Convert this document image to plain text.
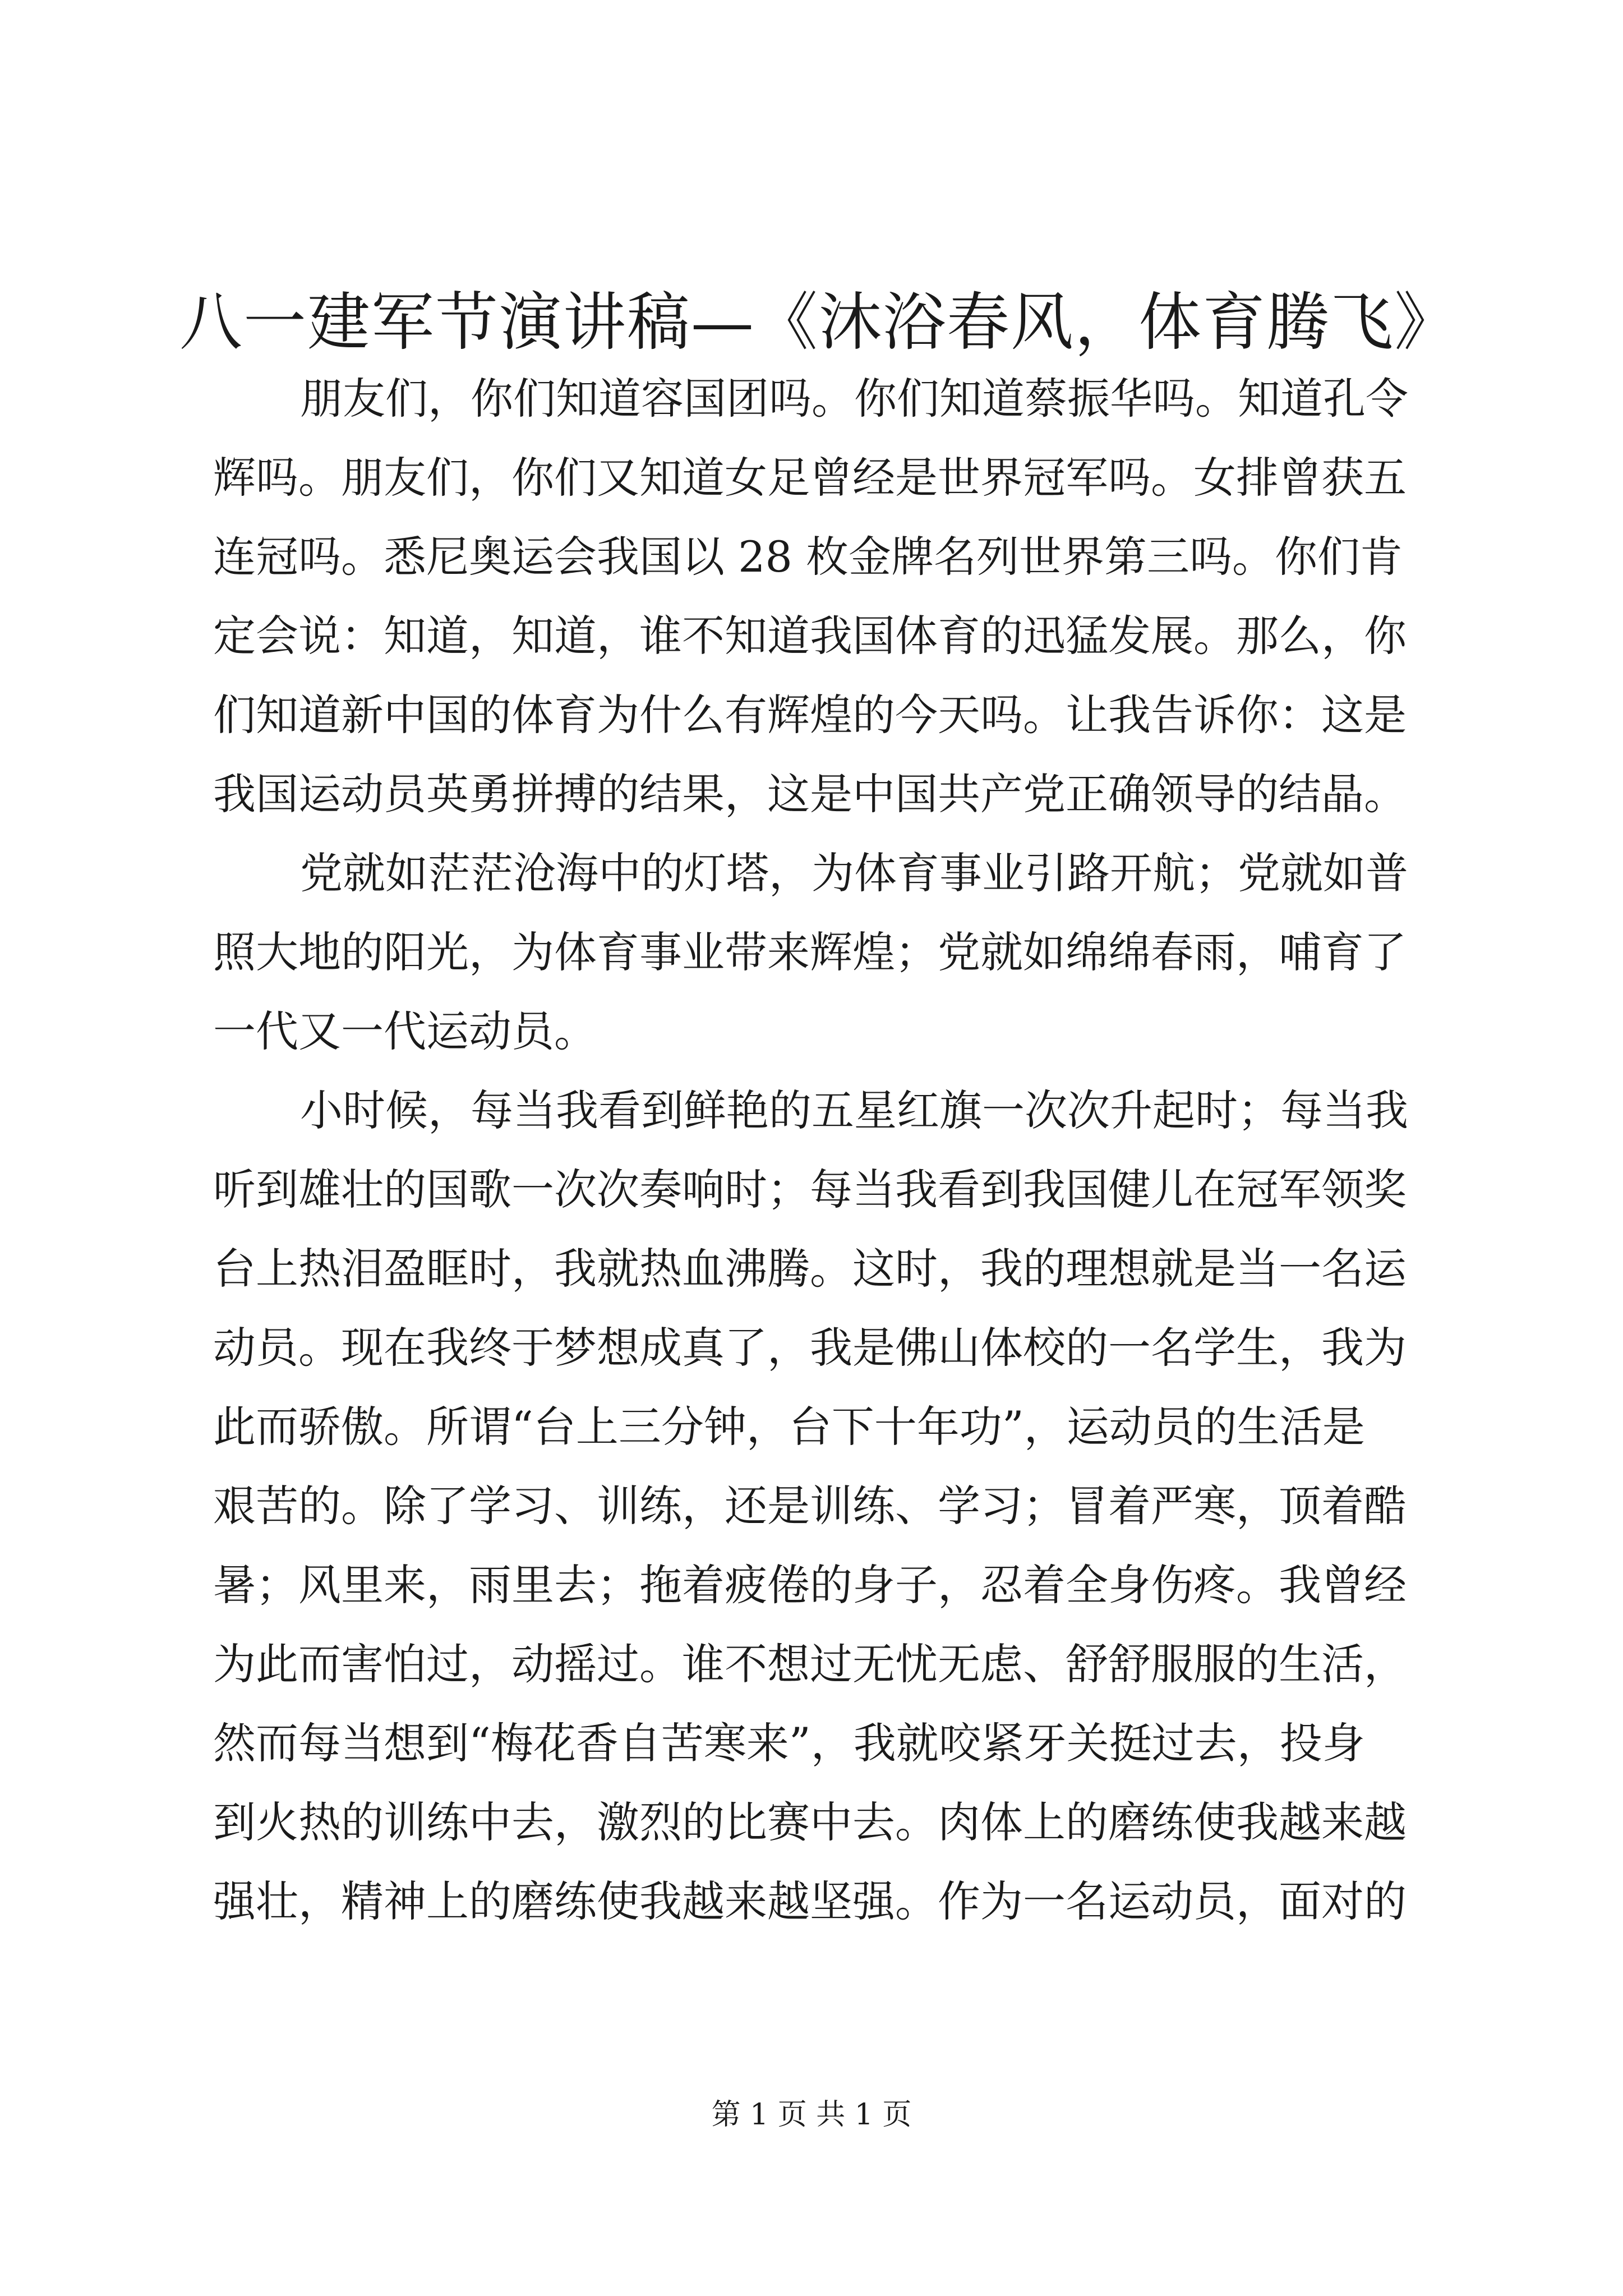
八一建军节演讲稿—《沐浴春风，体育腾飞》
朋友们，你们知道容国团吗。你们知道蔡振华吗。知道孔令
辉吗。朋友们，你们又知道女足曾经是世界冠军吗。女排曾获五
连冠吗。悉尼奥运会我国以 28 枚金牌名列世界第三吗。你们肯
定会说：知道，知道，谁不知道我国体育的迅猛发展。那么，你
们知道新中国的体育为什么有辉煌的今天吗。让我告诉你：这是
我国运动员英勇拼搏的结果，这是中国共产党正确领导的结晶。
党就如茫茫沧海中的灯塔，为体育事业引路开航；党就如普
照大地的阳光，为体育事业带来辉煌；党就如绵绵春雨，哺育了
一代又一代运动员。
小时候，每当我看到鲜艳的五星红旗一次次升起时；每当我
听到雄壮的国歌一次次奏响时；每当我看到我国健儿在冠军领奖
台上热泪盈眶时，我就热血沸腾。这时，我的理想就是当一名运
动员。现在我终于梦想成真了，我是佛山体校的一名学生，我为
此而骄傲。所谓“台上三分钟，台下十年功”，运动员的生活是
艰苦的。除了学习、训练，还是训练、学习；冒着严寒，顶着酷
暑；风里来，雨里去；拖着疲倦的身子，忍着全身伤疼。我曾经
为此而害怕过，动摇过。谁不想过无忧无虑、舒舒服服的生活，
然而每当想到“梅花香自苦寒来”，我就咬紧牙关挺过去，投身
到火热的训练中去，激烈的比赛中去。肉体上的磨练使我越来越
强壮，精神上的磨练使我越来越坚强。作为一名运动员，面对的
第 1 页 共 1 页
